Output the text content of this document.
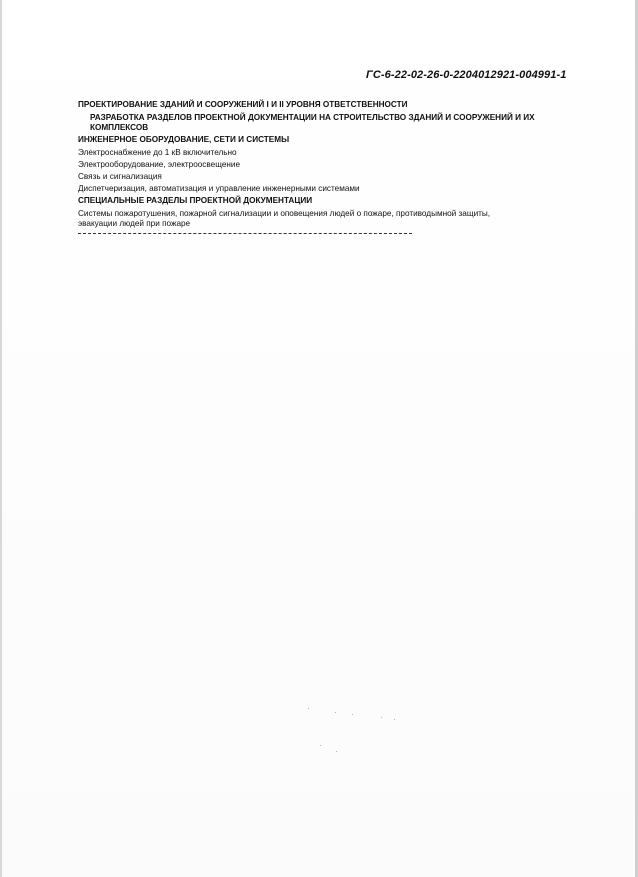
ГС-6-22-02-26-0-2204012921-004991-1
ПРОЕКТИРОВАНИЕ ЗДАНИЙ И СООРУЖЕНИЙ I И II УРОВНЯ ОТВЕТСТВЕННОСТИ
РАЗРАБОТКА РАЗДЕЛОВ ПРОЕКТНОЙ ДОКУМЕНТАЦИИ НА СТРОИТЕЛЬСТВО ЗДАНИЙ И СООРУЖЕНИЙ И ИХ КОМПЛЕКСОВ
ИНЖЕНЕРНОЕ ОБОРУДОВАНИЕ, СЕТИ И СИСТЕМЫ
Электроснабжение до 1 кВ включительно
Электрооборудование, электроосвещение
Связь и сигнализация
Диспетчеризация, автоматизация и управление инженерными системами
СПЕЦИАЛЬНЫЕ РАЗДЕЛЫ ПРОЕКТНОЙ ДОКУМЕНТАЦИИ
Системы пожаротушения, пожарной сигнализации и оповещения людей о пожаре, противодымной защиты, эвакуации людей при пожаре
